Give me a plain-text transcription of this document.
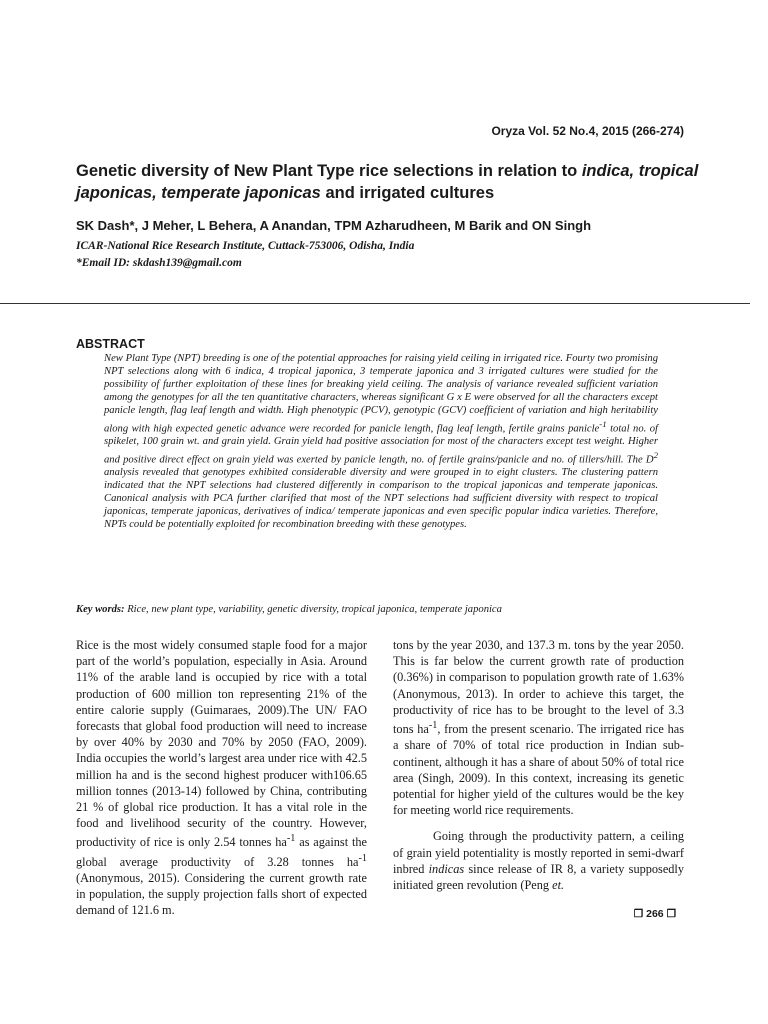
Oryza Vol. 52 No.4, 2015 (266-274)
Genetic diversity of New Plant Type rice selections in relation to indica, tropical japonicas, temperate japonicas and irrigated cultures
SK Dash*, J Meher, L Behera, A Anandan, TPM Azharudheen, M Barik and ON Singh
ICAR-National Rice Research Institute, Cuttack-753006, Odisha, India
*Email ID: skdash139@gmail.com
ABSTRACT
New Plant Type (NPT) breeding is one of the potential approaches for raising yield ceiling in irrigated rice. Fourty two promising NPT selections along with 6 indica, 4 tropical japonica, 3 temperate japonica and 3 irrigated cultures were studied for the possibility of further exploitation of these lines for breaking yield ceiling. The analysis of variance revealed sufficient variation among the genotypes for all the ten quantitative characters, whereas significant G x E were observed for all the characters except panicle length, flag leaf length and width. High phenotypic (PCV), genotypic (GCV) coefficient of variation and high heritability along with high expected genetic advance were recorded for panicle length, flag leaf length, fertile grains panicle$^{-1}$ total no. of spikelet, 100 grain wt. and grain yield. Grain yield had positive association for most of the characters except test weight. Higher and positive direct effect on grain yield was exerted by panicle length, no. of fertile grains/panicle and no. of tillers/hill. The $D^2$ analysis revealed that genotypes exhibited considerable diversity and were grouped in to eight clusters. The clustering pattern indicated that the NPT selections had clustered differently in comparison to the tropical japonicas and temperate japonicas. Canonical analysis with PCA further clarified that most of the NPT selections had sufficient diversity with respect to tropical japonicas, temperate japonicas, derivatives of indica/ temperate japonicas and even specific popular indica varieties. Therefore, NPTs could be potentially exploited for recombination breeding with these genotypes.
Key words: Rice, new plant type, variability, genetic diversity, tropical japonica, temperate japonica

Rice is the most widely consumed staple food for a major part of the world’s population, especially in Asia. Around 11% of the arable land is occupied by rice with a total production of 600 million ton representing 21% of the entire calorie supply (Guimaraes, 2009).The UN/ FAO forecasts that global food production will need to increase by over 40% by 2030 and 70% by 2050 (FAO, 2009). India occupies the world’s largest area under rice with 42.5 million ha and is the second highest producer with106.65 million tonnes (2013-14) followed by China, contributing 21 % of global rice production. It has a vital role in the food and livelihood security of the country. However, productivity of rice is only 2.54 tonnes $ha^{-1}$ as against the global average productivity of 3.28 tonnes $ha^{-1}$ (Anonymous, 2015). Considering the current growth rate in population, the supply projection falls short of expected demand of 121.6 m.

tons by the year 2030, and 137.3 m. tons by the year 2050. This is far below the current growth rate of production (0.36%) in comparison to population growth rate of 1.63% (Anonymous, 2013). In order to achieve this target, the productivity of rice has to be brought to the level of 3.3 tons $ha^{-1}$, from the present scenario. The irrigated rice has a share of 70% of total rice production in Indian sub-continent, although it has a share of about 50% of total rice area (Singh, 2009). In this context, increasing its genetic potential for higher yield of the cultures would be the key for meeting world rice requirements.

Going through the productivity pattern, a ceiling of grain yield potentiality is mostly reported in semi-dwarf inbred indicas since release of IR 8, a variety supposedly initiated green revolution (Peng et.

❐ 266 ❐
